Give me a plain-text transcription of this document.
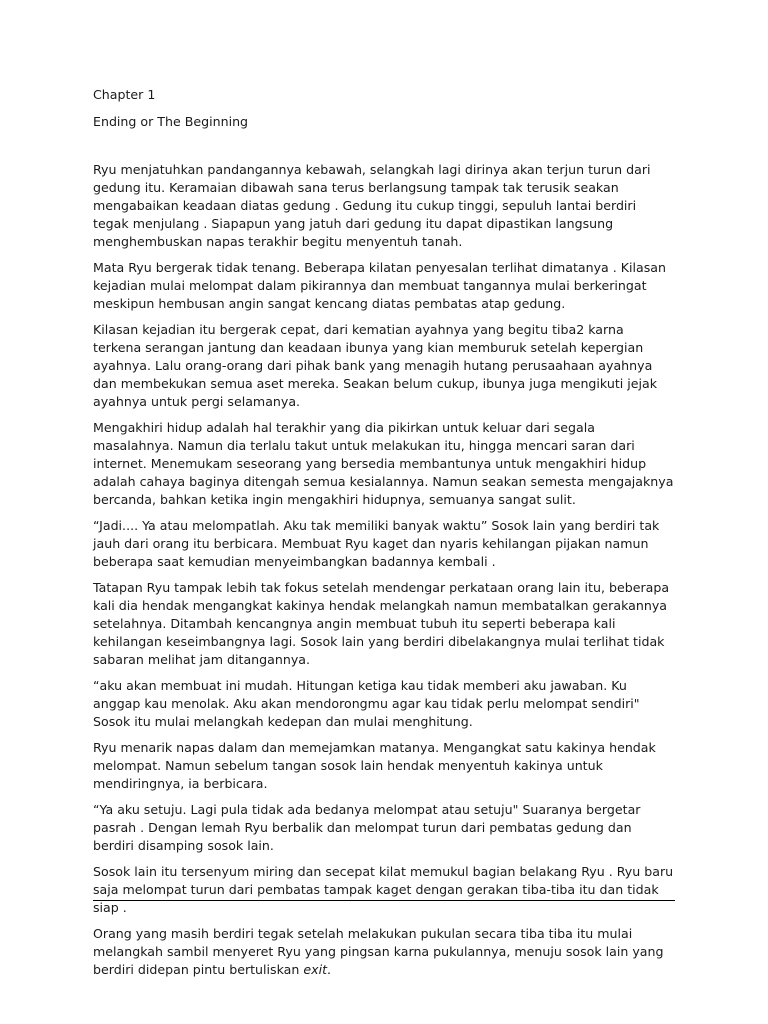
Chapter 1

Ending or The Beginning

Ryu menjatuhkan pandangannya kebawah, selangkah lagi dirinya akan terjun turun dari gedung itu. Keramaian dibawah sana terus berlangsung tampak tak terusik seakan mengabaikan keadaan diatas gedung . Gedung itu cukup tinggi, sepuluh lantai berdiri tegak menjulang . Siapapun yang jatuh dari gedung itu dapat dipastikan langsung menghembuskan napas terakhir begitu menyentuh tanah.

Mata Ryu bergerak tidak tenang. Beberapa kilatan penyesalan terlihat dimatanya . Kilasan kejadian mulai melompat dalam pikirannya dan membuat tangannya mulai berkeringat meskipun hembusan angin sangat kencang diatas pembatas atap gedung.

Kilasan kejadian itu bergerak cepat, dari kematian ayahnya yang begitu tiba2 karna terkena serangan jantung dan keadaan ibunya yang kian memburuk setelah kepergian ayahnya. Lalu orang-orang dari pihak bank yang menagih hutang perusaahaan ayahnya dan membekukan semua aset mereka. Seakan belum cukup, ibunya juga mengikuti jejak ayahnya untuk pergi selamanya.

Mengakhiri hidup adalah hal terakhir yang dia pikirkan untuk keluar dari segala masalahnya. Namun dia terlalu takut untuk melakukan itu, hingga mencari saran dari internet. Menemukam seseorang yang bersedia membantunya untuk mengakhiri hidup adalah cahaya baginya ditengah semua kesialannya. Namun seakan semesta mengajaknya bercanda, bahkan ketika ingin mengakhiri hidupnya, semuanya sangat sulit.

“Jadi.... Ya atau melompatlah. Aku tak memiliki banyak waktu” Sosok lain yang berdiri tak jauh dari orang itu berbicara. Membuat Ryu kaget dan nyaris kehilangan pijakan namun beberapa saat kemudian menyeimbangkan badannya kembali .

Tatapan Ryu tampak lebih tak fokus setelah mendengar perkataan orang lain itu, beberapa kali dia hendak mengangkat kakinya hendak melangkah namun membatalkan gerakannya setelahnya. Ditambah kencangnya angin membuat tubuh itu seperti beberapa kali kehilangan keseimbangnya lagi. Sosok lain yang berdiri dibelakangnya mulai terlihat tidak sabaran melihat jam ditangannya.

“aku akan membuat ini mudah. Hitungan ketiga kau tidak memberi aku jawaban. Ku anggap kau menolak. Aku akan mendorongmu agar kau tidak perlu melompat sendiri" Sosok itu mulai melangkah kedepan dan mulai menghitung.

Ryu menarik napas dalam dan memejamkan matanya. Mengangkat satu kakinya hendak melompat. Namun sebelum tangan sosok lain hendak menyentuh kakinya untuk mendiringnya, ia berbicara.

“Ya aku setuju. Lagi pula tidak ada bedanya melompat atau setuju" Suaranya bergetar pasrah . Dengan lemah Ryu berbalik dan melompat turun dari pembatas gedung dan berdiri disamping sosok lain.

Sosok lain itu tersenyum miring dan secepat kilat memukul bagian belakang Ryu . Ryu baru saja melompat turun dari pembatas tampak kaget dengan gerakan tiba-tiba itu dan tidak siap .

Orang yang masih berdiri tegak setelah melakukan pukulan secara tiba tiba itu mulai melangkah sambil menyeret Ryu yang pingsan karna pukulannya, menuju sosok lain yang berdiri didepan pintu bertuliskan exit.
